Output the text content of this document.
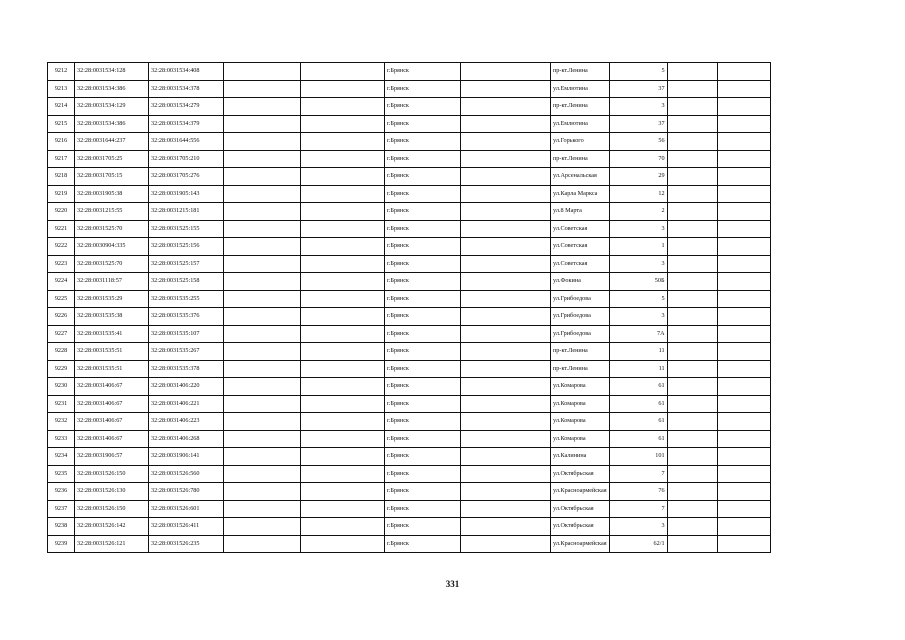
9212	32:28:0031534:128	32:28:0031534:408			г.Брянск		пр-кт.Ленина	5		
9213	32:28:0031534:386	32:28:0031534:378			г.Брянск		ул.Емлютина	37		
9214	32:28:0031534:129	32:28:0031534:279			г.Брянск		пр-кт.Ленина	3		
9215	32:28:0031534:386	32:28:0031534:379			г.Брянск		ул.Емлютина	37		
9216	32:28:0031644:237	32:28:0031644:556			г.Брянск		ул.Горького	56		
9217	32:28:0031705:25	32:28:0031705:210			г.Брянск		пр-кт.Ленина	70		
9218	32:28:0031705:15	32:28:0031705:276			г.Брянск		ул.Арсенальская	29		
9219	32:28:0031905:38	32:28:0031905:143			г.Брянск		ул.Карла Маркса	12		
9220	32:28:0031215:55	32:28:0031215:181			г.Брянск		ул.8 Марта	2		
9221	32:28:0031525:70	32:28:0031525:155			г.Брянск		ул.Советская	3		
9222	32:28:0030904:335	32:28:0031525:156			г.Брянск		ул.Советская	1		
9223	32:28:0031525:70	32:28:0031525:157			г.Брянск		ул.Советская	3		
9224	32:28:0031118:57	32:28:0031525:158			г.Брянск		ул.Фокина	50Б		
9225	32:28:0031535:29	32:28:0031535:255			г.Брянск		ул.Грибоедова	5		
9226	32:28:0031535:38	32:28:0031535:376			г.Брянск		ул.Грибоедова	3		
9227	32:28:0031535:41	32:28:0031535:107			г.Брянск		ул.Грибоедова	7А		
9228	32:28:0031535:51	32:28:0031535:267			г.Брянск		пр-кт.Ленина	11		
9229	32:28:0031535:51	32:28:0031535:378			г.Брянск		пр-кт.Ленина	11		
9230	32:28:0031406:67	32:28:0031406:220			г.Брянск		ул.Комарова	61		
9231	32:28:0031406:67	32:28:0031406:221			г.Брянск		ул.Комарова	61		
9232	32:28:0031406:67	32:28:0031406:223			г.Брянск		ул.Комарова	61		
9233	32:28:0031406:67	32:28:0031406:268			г.Брянск		ул.Комарова	61		
9234	32:28:0031906:57	32:28:0031906:141			г.Брянск		ул.Калинина	101		
9235	32:28:0031526:150	32:28:0031526:560			г.Брянск		ул.Октябрьская	7		
9236	32:28:0031526:130	32:28:0031526:780			г.Брянск		ул.Красноармейская	76		
9237	32:28:0031526:150	32:28:0031526:601			г.Брянск		ул.Октябрьская	7		
9238	32:28:0031526:142	32:28:0031526:411			г.Брянск		ул.Октябрьская	3		
9239	32:28:0031526:121	32:28:0031526:235			г.Брянск		ул.Красноармейская	62/1		
331
